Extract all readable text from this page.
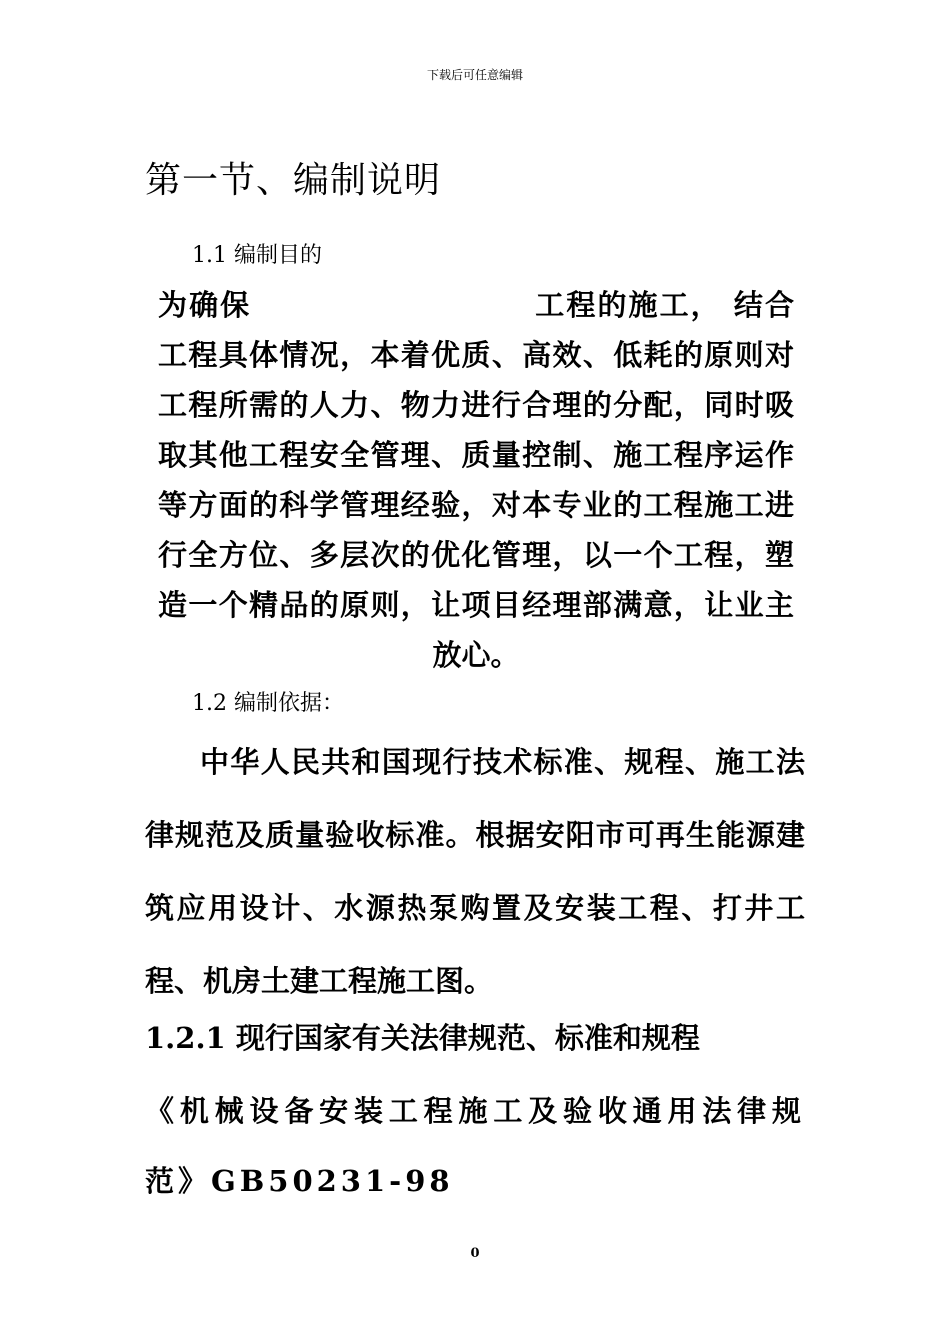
下载后可任意编辑
第一节、编制说明
1.1 编制目的

为确保	工程的施工， 结合工程具体情况，本着优质、高效、低耗的原则对工程所需的人力、物力进行合理的分配，同时吸取其他工程安全管理、质量控制、施工程序运作等方面的科学管理经验，对本专业的工程施工进行全方位、多层次的优化管理，以一个工程，塑造一个精品的原则，让项目经理部满意，让业主放心。

1.2 编制依据：

中华人民共和国现行技术标准、规程、施工法律规范及质量验收标准。根据安阳市可再生能源建筑应用设计、水源热泵购置及安装工程、打井工程、机房土建工程施工图。

1.2.1 现行国家有关法律规范、标准和规程

《机械设备安装工程施工及验收通用法律规范》GB50231-98

0
